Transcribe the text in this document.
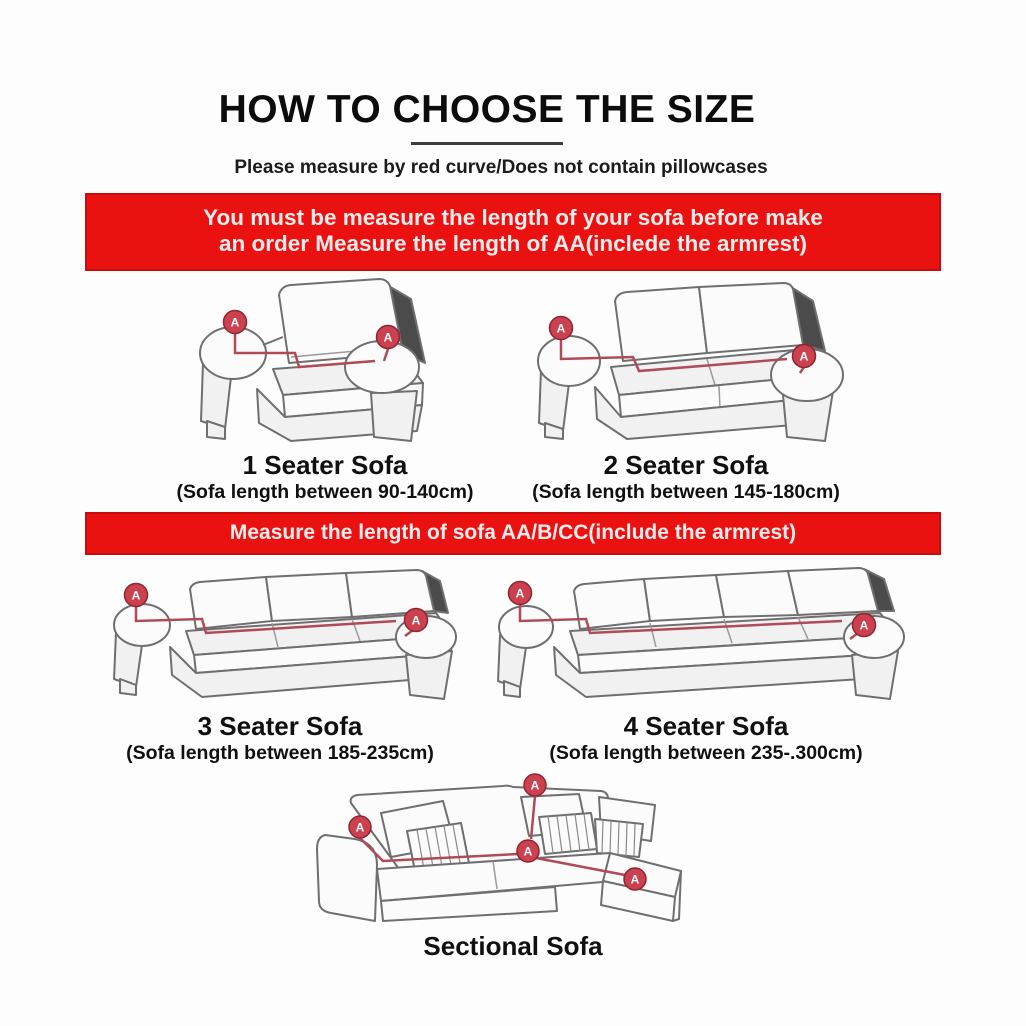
HOW TO CHOOSE THE SIZE
Please measure by red curve/Does not contain pillowcases
You must be measure the length of your sofa before make
an order Measure the length of AA(inclede the armrest)
A
A
1 Seater Sofa
(Sofa length between 90-140cm)
A
A
2 Seater Sofa
(Sofa length between 145-180cm)
Measure the length of sofa AA/B/CC(include the armrest)
A
A
3 Seater Sofa
(Sofa length between 185-235cm)
A
A
4 Seater Sofa
(Sofa length between 235-.300cm)
A
A
A
A
Sectional Sofa
